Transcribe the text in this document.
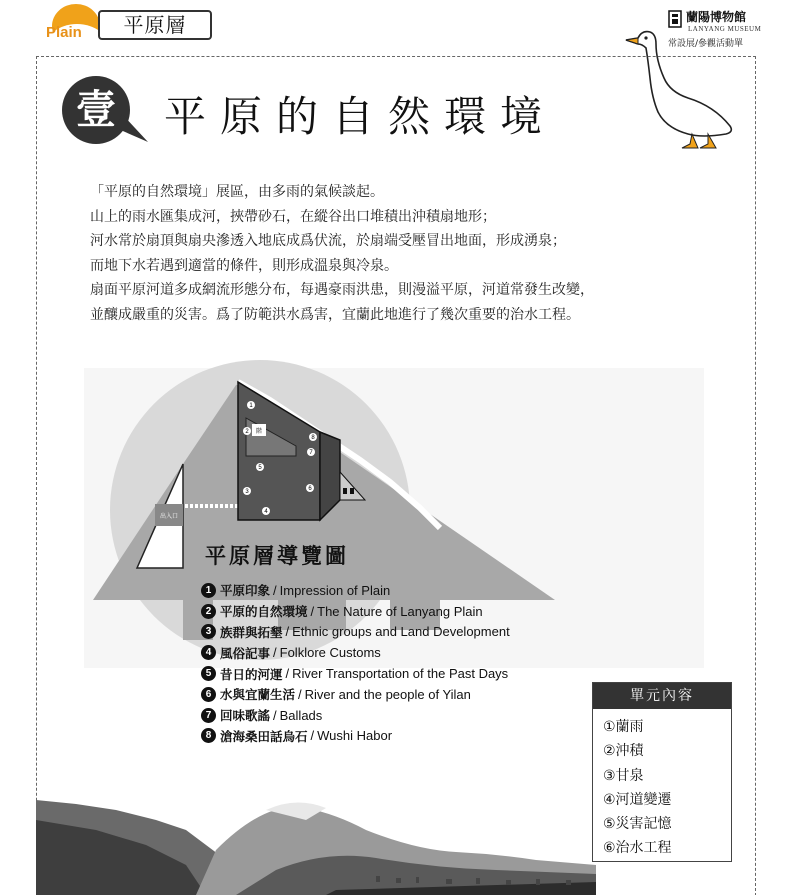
Plain	平原層	蘭陽博物館
LANYANG MUSEUM
常設展/參觀活動單
壹 平原的自然環境

「平原的自然環境」展區，由多雨的氣候談起。

山上的雨水匯集成河，挾帶砂石，在縱谷出口堆積出沖積扇地形；

河水常於扇頂與扇央滲透入地底成爲伏流，於扇端受壓冒出地面，形成湧泉；

而地下水若遇到適當的條件，則形成溫泉與冷泉。

扇面平原河道多成網流形態分布，每遇豪雨洪患，則漫溢平原，河道常發生改變，

並釀成嚴重的災害。爲了防範洪水爲害，宜蘭此地進行了幾次重要的治水工程。

出入口
階
1
2
3
4
5
6
7
8
平原層導覽圖
1 平原印象 / Impression of Plain
2 平原的自然環境 / The Nature of Lanyang Plain
3 族群與拓墾 / Ethnic groups and Land Development
4 風俗記事 / Folklore Customs
5 昔日的河運 / River Transportation of the Past Days
6 水與宜蘭生活 / River and the people of Yilan
7 回味歌謠 / Ballads
8 滄海桑田話烏石 / Wushi Habor
單元內容
①蘭雨
②沖積
③甘泉
④河道變遷
⑤災害記憶
⑥治水工程
